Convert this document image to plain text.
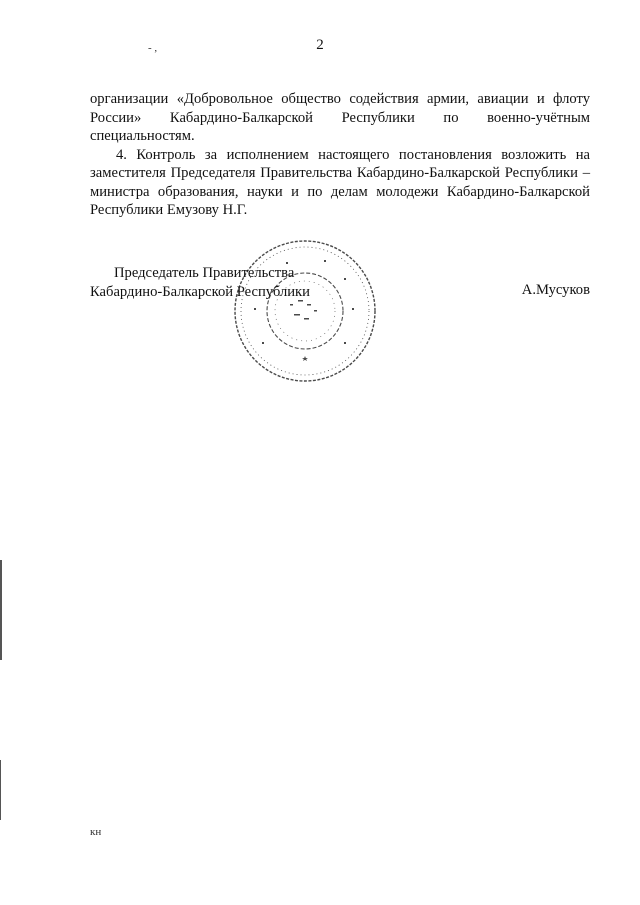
- ,	2

организации «Добровольное общество содействия армии, авиации и флоту России» Кабардино-Балкарской Республики по военно-учётным специальностям.

4. Контроль за исполнением настоящего постановления возложить на заместителя Председателя Правительства Кабардино-Балкарской Республики – министра образования, науки и по делам молодежи Кабардино-Балкарской Республики Емузову Н.Г.

Председатель Правительства
Кабардино-Балкарской Республики	А.Мусуков
кн
